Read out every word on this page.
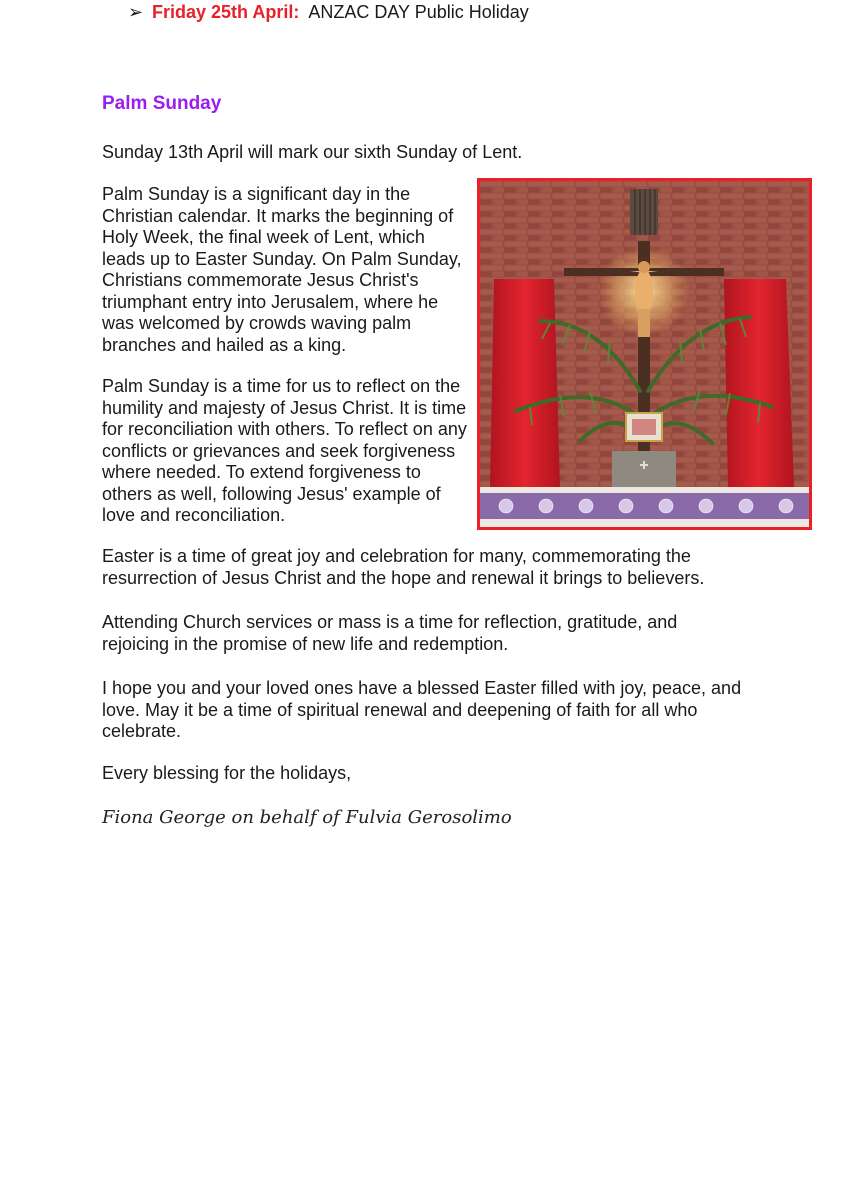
➢ Friday 25th April: ANZAC DAY Public Holiday
Palm Sunday
Sunday 13th April will mark our sixth Sunday of Lent.
Palm Sunday is a significant day in the Christian calendar. It marks the beginning of Holy Week, the final week of Lent, which leads up to Easter Sunday. On Palm Sunday, Christians commemorate Jesus Christ's triumphant entry into Jerusalem, where he was welcomed by crowds waving palm branches and hailed as a king.
Palm Sunday is a time for us to reflect on the humility and majesty of Jesus Christ. It is time for reconciliation with others. To reflect on any conflicts or grievances and seek forgiveness where needed. To extend forgiveness to others as well, following Jesus' example of love and reconciliation.
Easter is a time of great joy and celebration for many, commemorating the resurrection of Jesus Christ and the hope and renewal it brings to believers.
Attending Church services or mass is a time for reflection, gratitude, and rejoicing in the promise of new life and redemption.
I hope you and your loved ones have a blessed Easter filled with joy, peace, and love. May it be a time of spiritual renewal and deepening of faith for all who celebrate.
Every blessing for the holidays,
Fiona George on behalf of Fulvia Gerosolimo
